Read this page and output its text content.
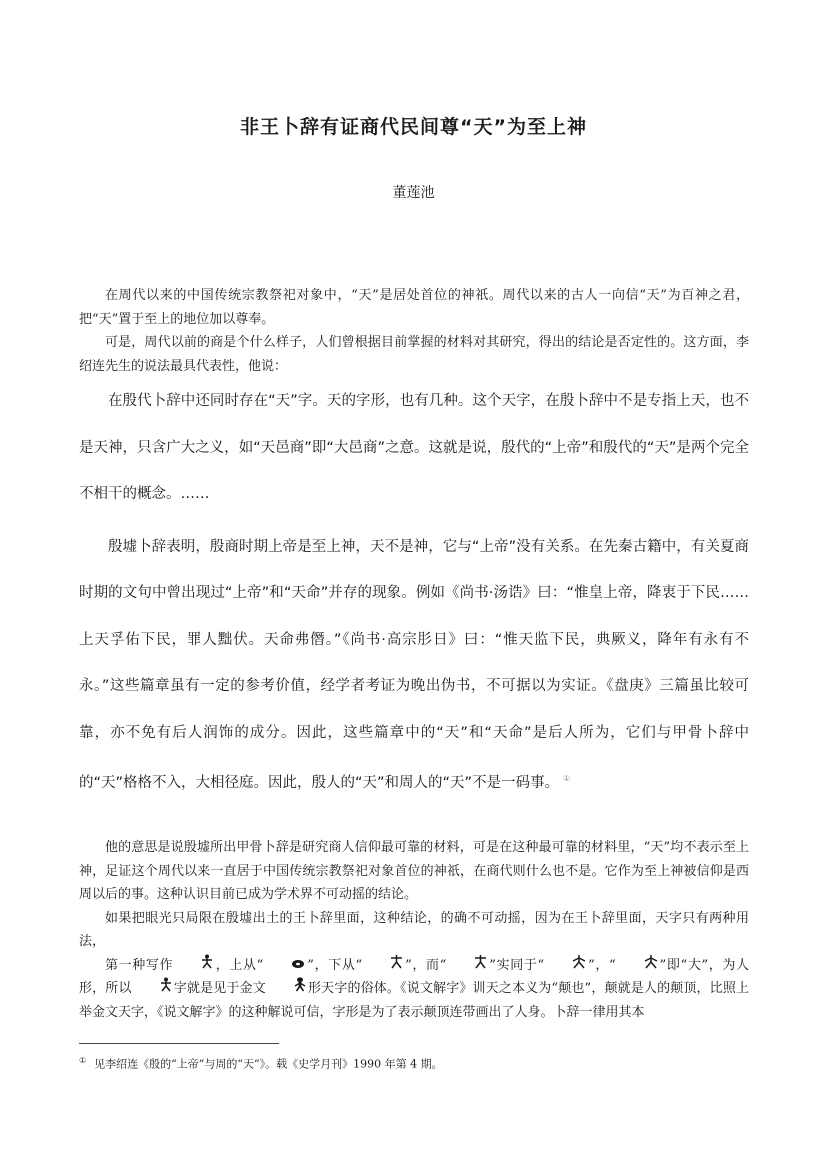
非王卜辞有证商代民间尊“天”为至上神
董莲池

在周代以来的中国传统宗教祭祀对象中，“天”是居处首位的神祇。周代以来的古人一向信“天”为百神之君，把“天”置于至上的地位加以尊奉。

可是，周代以前的商是个什么样子，人们曾根据目前掌握的材料对其研究，得出的结论是否定性的。这方面，李绍连先生的说法最具代表性，他说：

在殷代卜辞中还同时存在“天”字。天的字形，也有几种。这个天字，在殷卜辞中不是专指上天，也不是天神，只含广大之义，如“天邑商”即“大邑商”之意。这就是说，殷代的“上帝”和殷代的“天”是两个完全不相干的概念。……

殷墟卜辞表明，殷商时期上帝是至上神，天不是神，它与“上帝”没有关系。在先秦古籍中，有关夏商时期的文句中曾出现过“上帝”和“天命”并存的现象。例如《尚书·汤诰》曰：“惟皇上帝，降衷于下民……上天孚佑下民，罪人黜伏。天命弗僭。”《尚书·高宗肜日》曰：“惟天监下民，典厥义，降年有永有不永。”这些篇章虽有一定的参考价值，经学者考证为晚出伪书，不可据以为实证。《盘庚》三篇虽比较可靠，亦不免有后人润饰的成分。因此，这些篇章中的“天”和“天命”是后人所为，它们与甲骨卜辞中的“天”格格不入，大相径庭。因此，殷人的“天”和周人的“天”不是一码事。 ①

他的意思是说殷墟所出甲骨卜辞是研究商人信仰最可靠的材料，可是在这种最可靠的材料里，“天”均不表示至上神，足证这个周代以来一直居于中国传统宗教祭祀对象首位的神祇，在商代则什么也不是。它作为至上神被信仰是西周以后的事。这种认识目前已成为学术界不可动摇的结论。

如果把眼光只局限在殷墟出土的王卜辞里面，这种结论，的确不可动摇，因为在王卜辞里面，天字只有两种用法，

第一种写作	，上从“	”，下从“	”，而“	”实同于“	”，“	”即“大”，为人形，所以	字就是见于金文	形天字的俗体。《说文解字》训天之本义为“颠也”，颠就是人的颠顶，比照上举金文天字，《说文解字》的这种解说可信，字形是为了表示颠顶连带画出了人身。卜辞一律用其本

① 见李绍连《殷的“上帝”与周的“天”》。载《史学月刊》1990 年第 4 期。
